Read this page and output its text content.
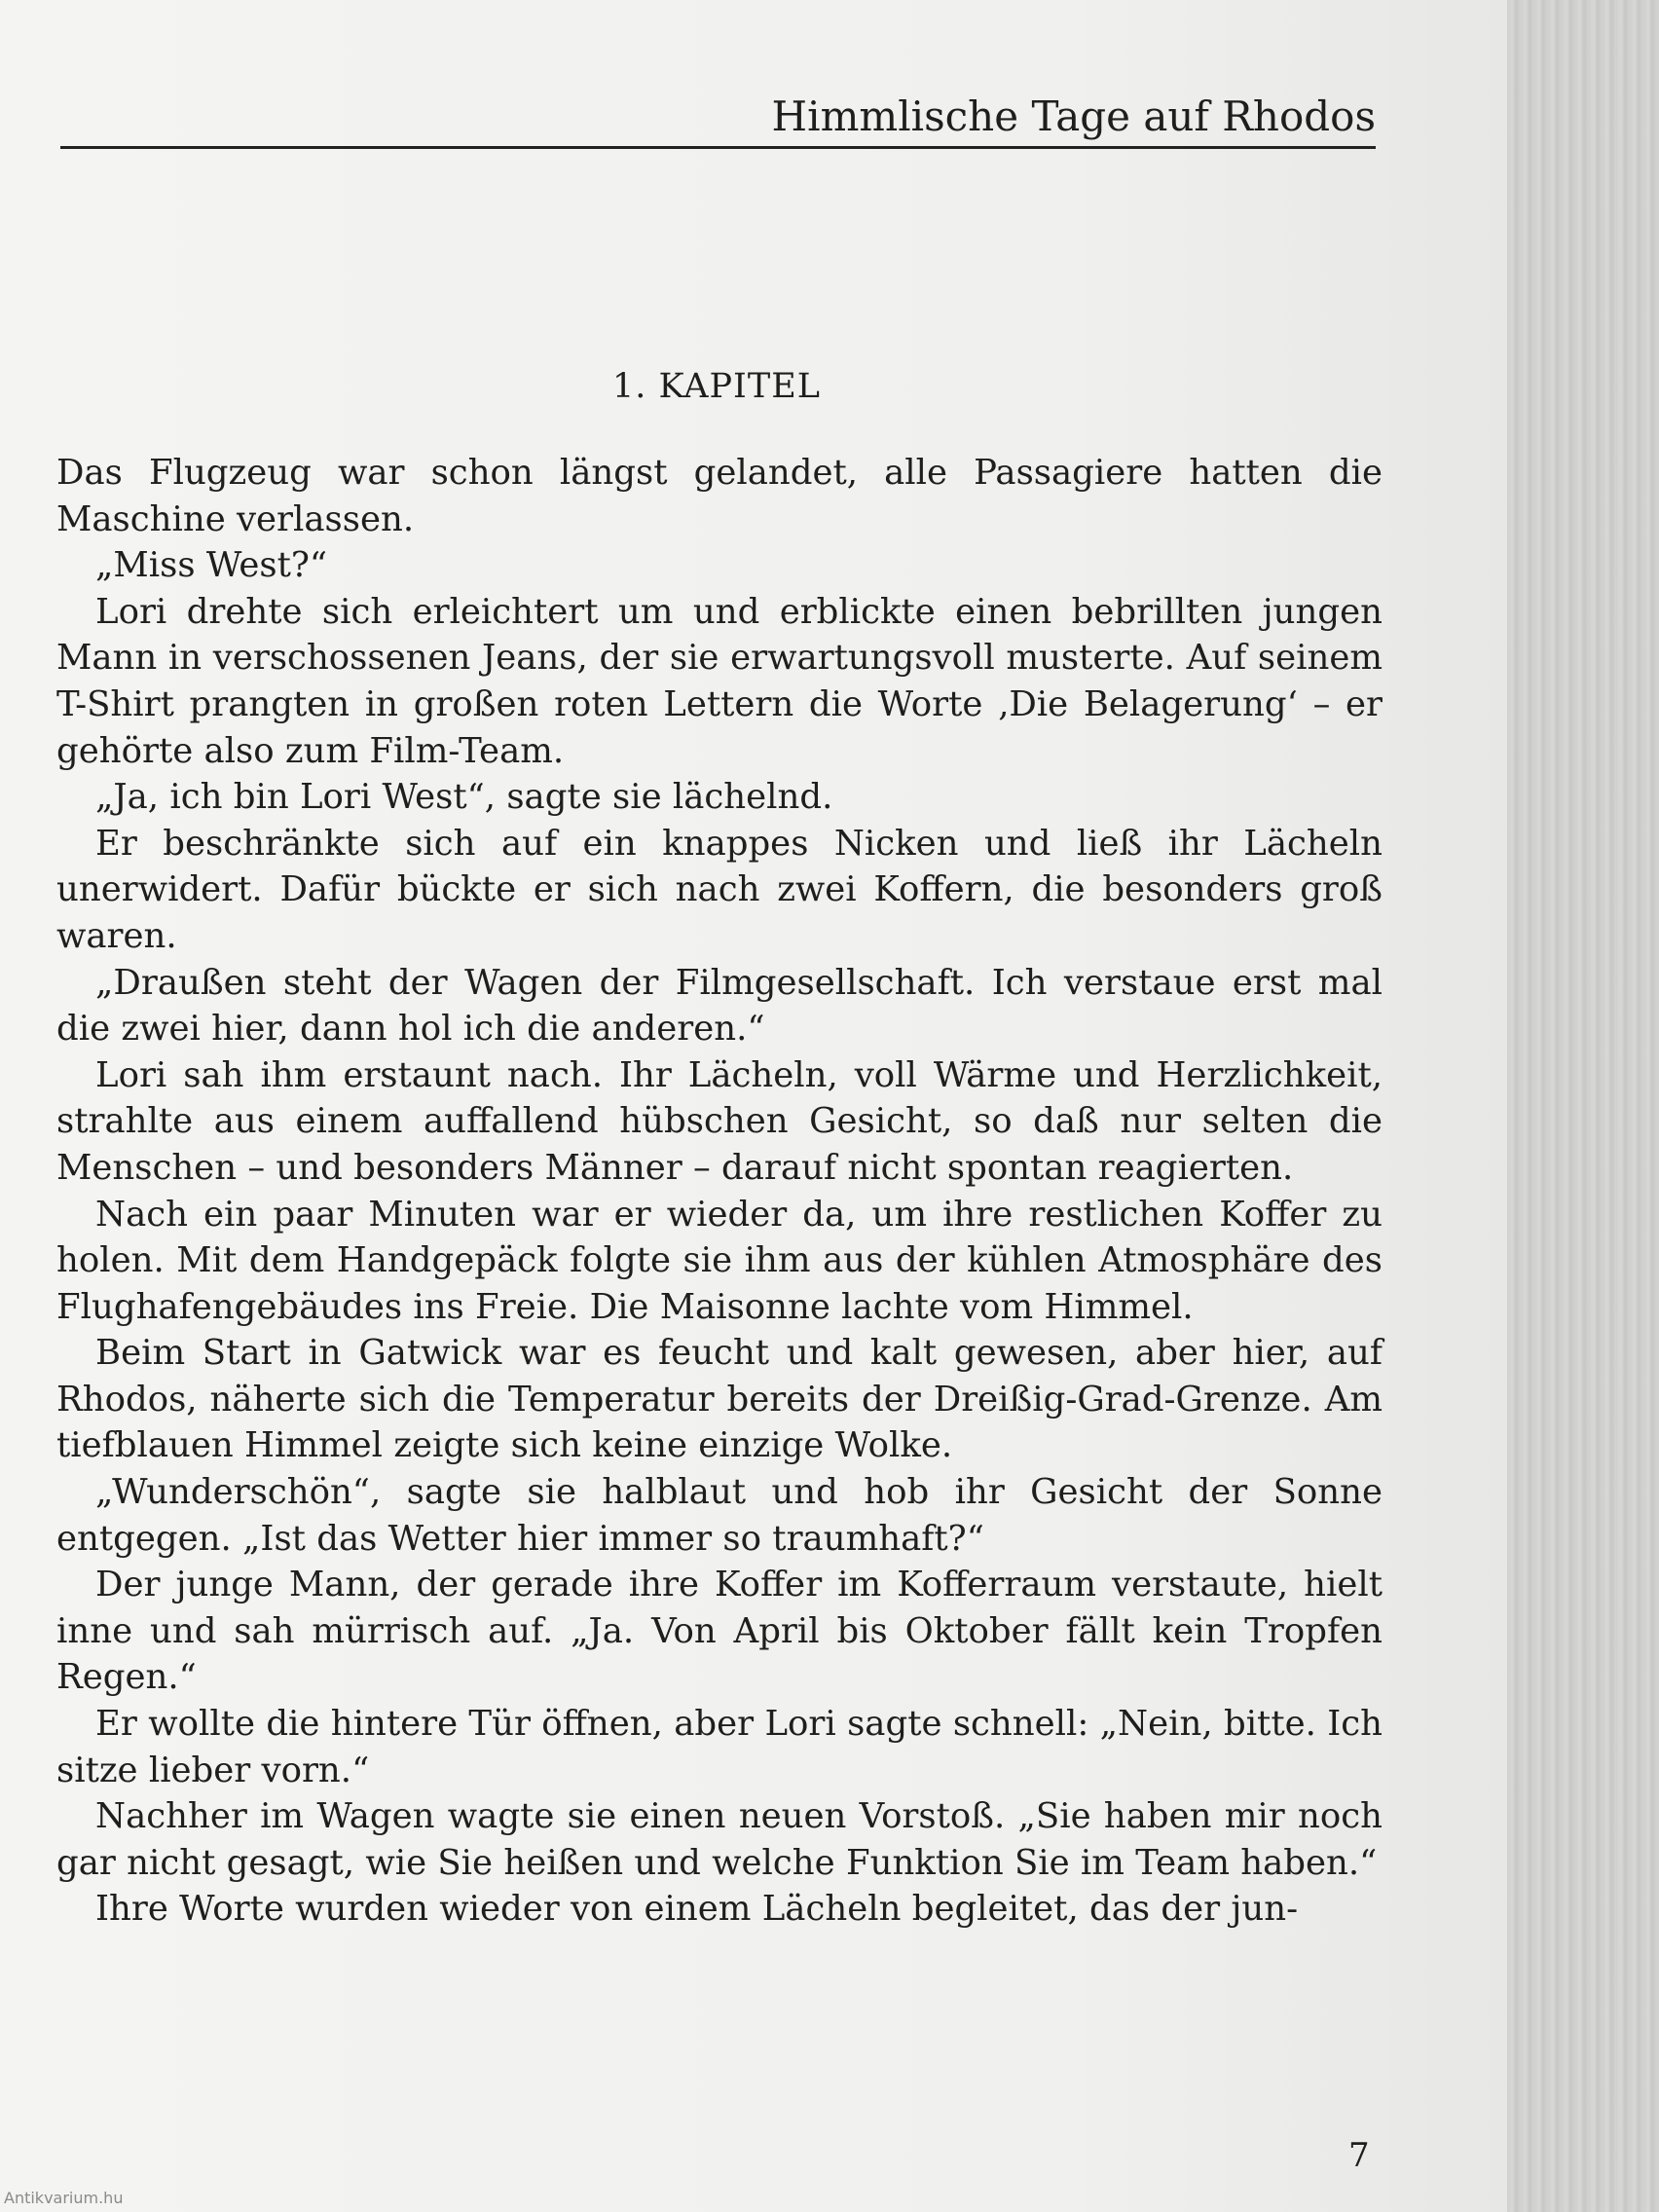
Himmlische Tage auf Rhodos
1. KAPITEL

Das Flugzeug war schon längst gelandet, alle Passagiere hatten die Maschine verlassen.

„Miss West?“

Lori drehte sich erleichtert um und erblickte einen bebrillten jungen Mann in verschossenen Jeans, der sie erwartungsvoll musterte. Auf seinem T-Shirt prangten in großen roten Lettern die Worte ‚Die Belagerung‘ – er gehörte also zum Film-Team.

„Ja, ich bin Lori West“, sagte sie lächelnd.

Er beschränkte sich auf ein knappes Nicken und ließ ihr Lächeln unerwidert. Dafür bückte er sich nach zwei Koffern, die besonders groß waren.

„Draußen steht der Wagen der Filmgesellschaft. Ich verstaue erst mal die zwei hier, dann hol ich die anderen.“

Lori sah ihm erstaunt nach. Ihr Lächeln, voll Wärme und Herzlichkeit, strahlte aus einem auffallend hübschen Gesicht, so daß nur selten die Menschen – und besonders Männer – darauf nicht spontan reagierten.

Nach ein paar Minuten war er wieder da, um ihre restlichen Koffer zu holen. Mit dem Handgepäck folgte sie ihm aus der kühlen Atmosphäre des Flughafengebäudes ins Freie. Die Maisonne lachte vom Himmel.

Beim Start in Gatwick war es feucht und kalt gewesen, aber hier, auf Rhodos, näherte sich die Temperatur bereits der Dreißig-Grad-Grenze. Am tiefblauen Himmel zeigte sich keine einzige Wolke.

„Wunderschön“, sagte sie halblaut und hob ihr Gesicht der Sonne entgegen. „Ist das Wetter hier immer so traumhaft?“

Der junge Mann, der gerade ihre Koffer im Kofferraum verstaute, hielt inne und sah mürrisch auf. „Ja. Von April bis Oktober fällt kein Tropfen Regen.“

Er wollte die hintere Tür öffnen, aber Lori sagte schnell: „Nein, bitte. Ich sitze lieber vorn.“

Nachher im Wagen wagte sie einen neuen Vorstoß. „Sie haben mir noch gar nicht gesagt, wie Sie heißen und welche Funktion Sie im Team haben.“

Ihre Worte wurden wieder von einem Lächeln begleitet, das der jun-

7
Antikvarium.hu
